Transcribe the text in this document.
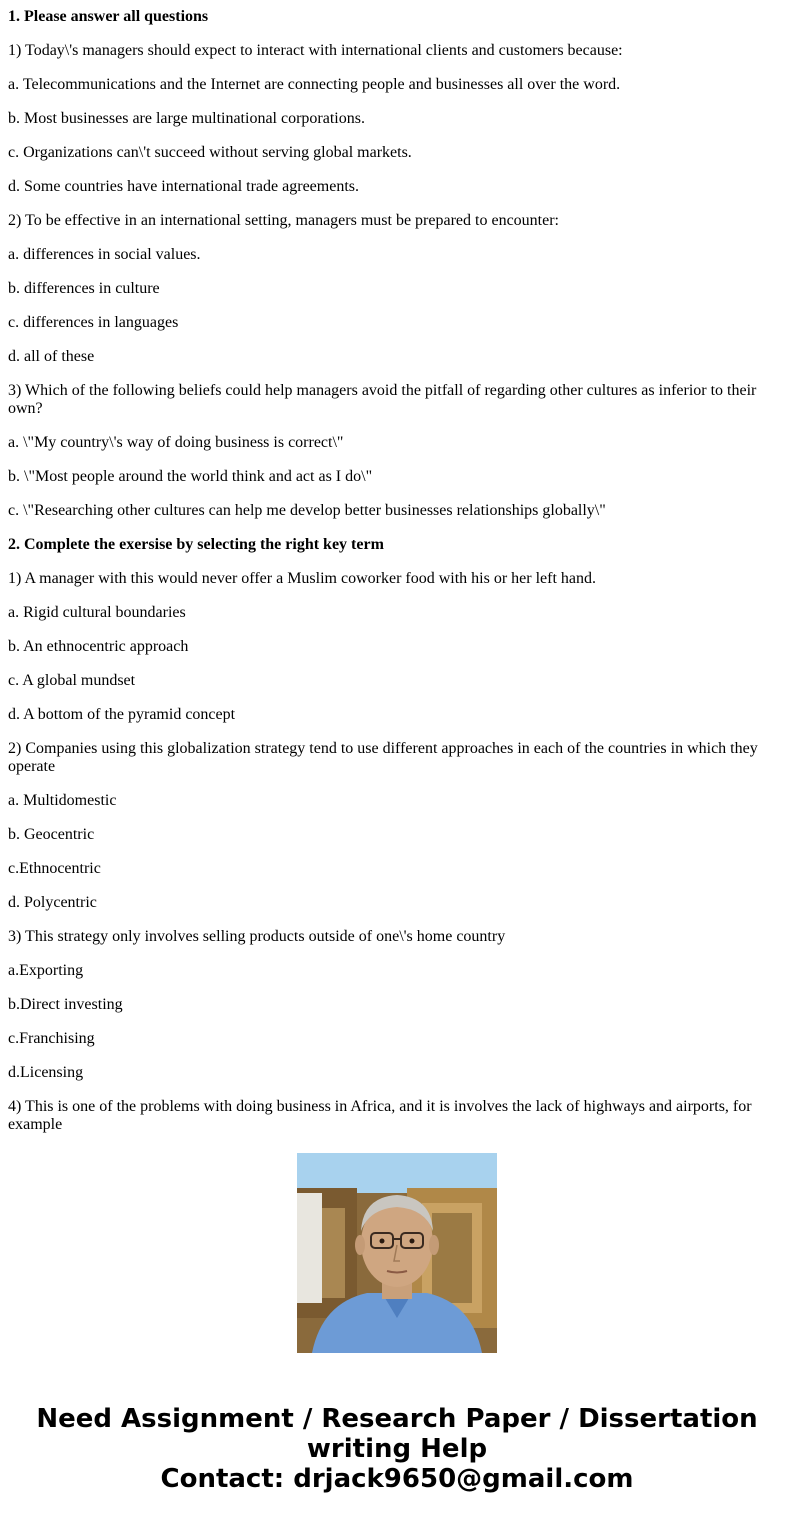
1. Please answer all questions

1) Today\'s managers should expect to interact with international clients and customers because:

a. Telecommunications and the Internet are connecting people and businesses all over the word.

b. Most businesses are large multinational corporations.

c. Organizations can\'t succeed without serving global markets.

d. Some countries have international trade agreements.

2) To be effective in an international setting, managers must be prepared to encounter:

a. differences in social values.

b. differences in culture

c. differences in languages

d. all of these

3) Which of the following beliefs could help managers avoid the pitfall of regarding other cultures as inferior to their own?

a. \"My country\'s way of doing business is correct\"

b. \"Most people around the world think and act as I do\"

c. \"Researching other cultures can help me develop better businesses relationships globally\"

2. Complete the exersise by selecting the right key term

1) A manager with this would never offer a Muslim coworker food with his or her left hand.

a. Rigid cultural boundaries

b. An ethnocentric approach

c. A global mundset

d. A bottom of the pyramid concept

2) Companies using this globalization strategy tend to use different approaches in each of the countries in which they operate

a. Multidomestic

b. Geocentric

c.Ethnocentric

d. Polycentric

3) This strategy only involves selling products outside of one\'s home country

a.Exporting

b.Direct investing

c.Franchising

d.Licensing

4) This is one of the problems with doing business in Africa, and it is involves the lack of highways and airports, for example

Need Assignment / Research Paper / Dissertation
writing Help
Contact: drjack9650@gmail.com
